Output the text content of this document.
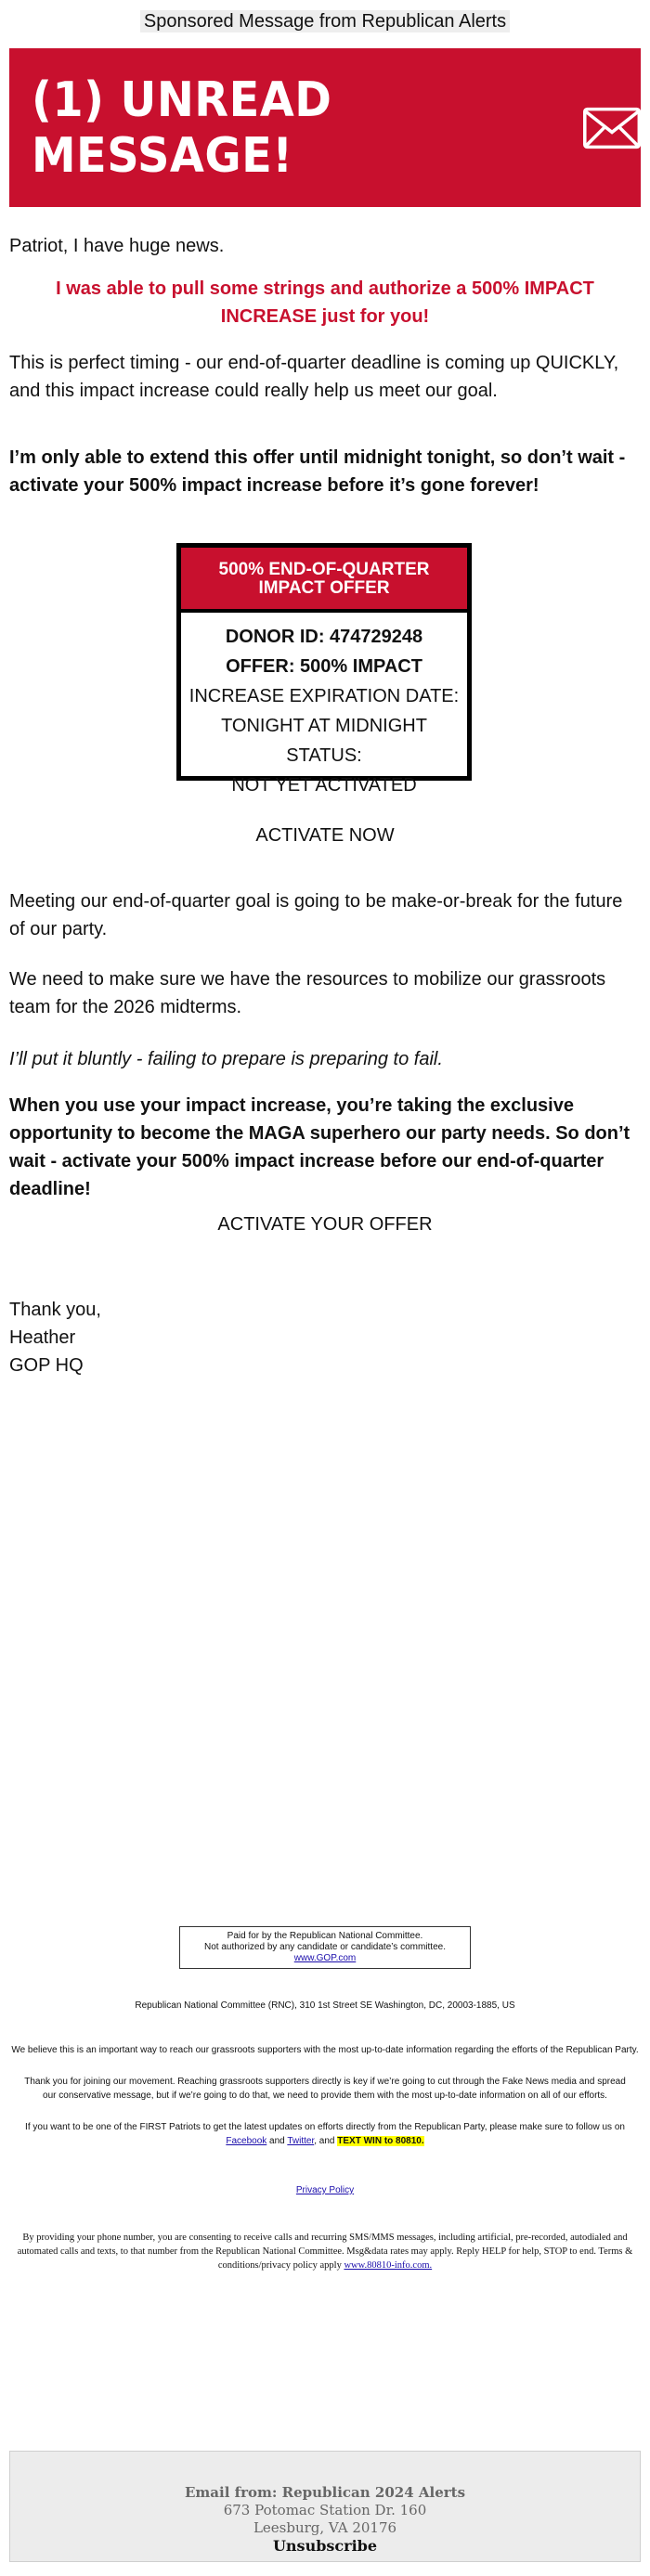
Sponsored Message from Republican Alerts
(1) UNREAD MESSAGE!

Patriot, I have huge news.

I was able to pull some strings and authorize a 500% IMPACT INCREASE just for you!

This is perfect timing - our end-of-quarter deadline is coming up QUICKLY, and this impact increase could really help us meet our goal.

I’m only able to extend this offer until midnight tonight, so don’t wait - activate your 500% impact increase before it’s gone forever!

500% END-OF-QUARTER IMPACT OFFER
DONOR ID: 474729248
OFFER: 500% IMPACT
INCREASE EXPIRATION DATE:
TONIGHT AT MIDNIGHT STATUS:
NOT YET ACTIVATED
ACTIVATE NOW

Meeting our end-of-quarter goal is going to be make-or-break for the future of our party.

We need to make sure we have the resources to mobilize our grassroots team for the 2026 midterms.

I’ll put it bluntly - failing to prepare is preparing to fail.

When you use your impact increase, you’re taking the exclusive opportunity to become the MAGA superhero our party needs. So don’t wait - activate your 500% impact increase before our end-of-quarter deadline!

ACTIVATE YOUR OFFER
Thank you,
Heather
GOP HQ
Paid for by the Republican National Committee.
Not authorized by any candidate or candidate’s committee.
www.GOP.com

Republican National Committee (RNC), 310 1st Street SE Washington, DC, 20003-1885, US

We believe this is an important way to reach our grassroots supporters with the most up-to-date information regarding the efforts of the Republican Party.

Thank you for joining our movement. Reaching grassroots supporters directly is key if we’re going to cut through the Fake News media and spread our conservative message, but if we’re going to do that, we need to provide them with the most up-to-date information on all of our efforts.

If you want to be one of the FIRST Patriots to get the latest updates on efforts directly from the Republican Party, please make sure to follow us on Facebook and Twitter, and TEXT WIN to 80810.

Privacy Policy

By providing your phone number, you are consenting to receive calls and recurring SMS/MMS messages, including artificial, pre-recorded, autodialed and automated calls and texts, to that number from the Republican National Committee. Msg&data rates may apply. Reply HELP for help, STOP to end. Terms & conditions/privacy policy apply www.80810-info.com.

Email from: Republican 2024 Alerts
673 Potomac Station Dr. 160
Leesburg, VA 20176
Unsubscribe
